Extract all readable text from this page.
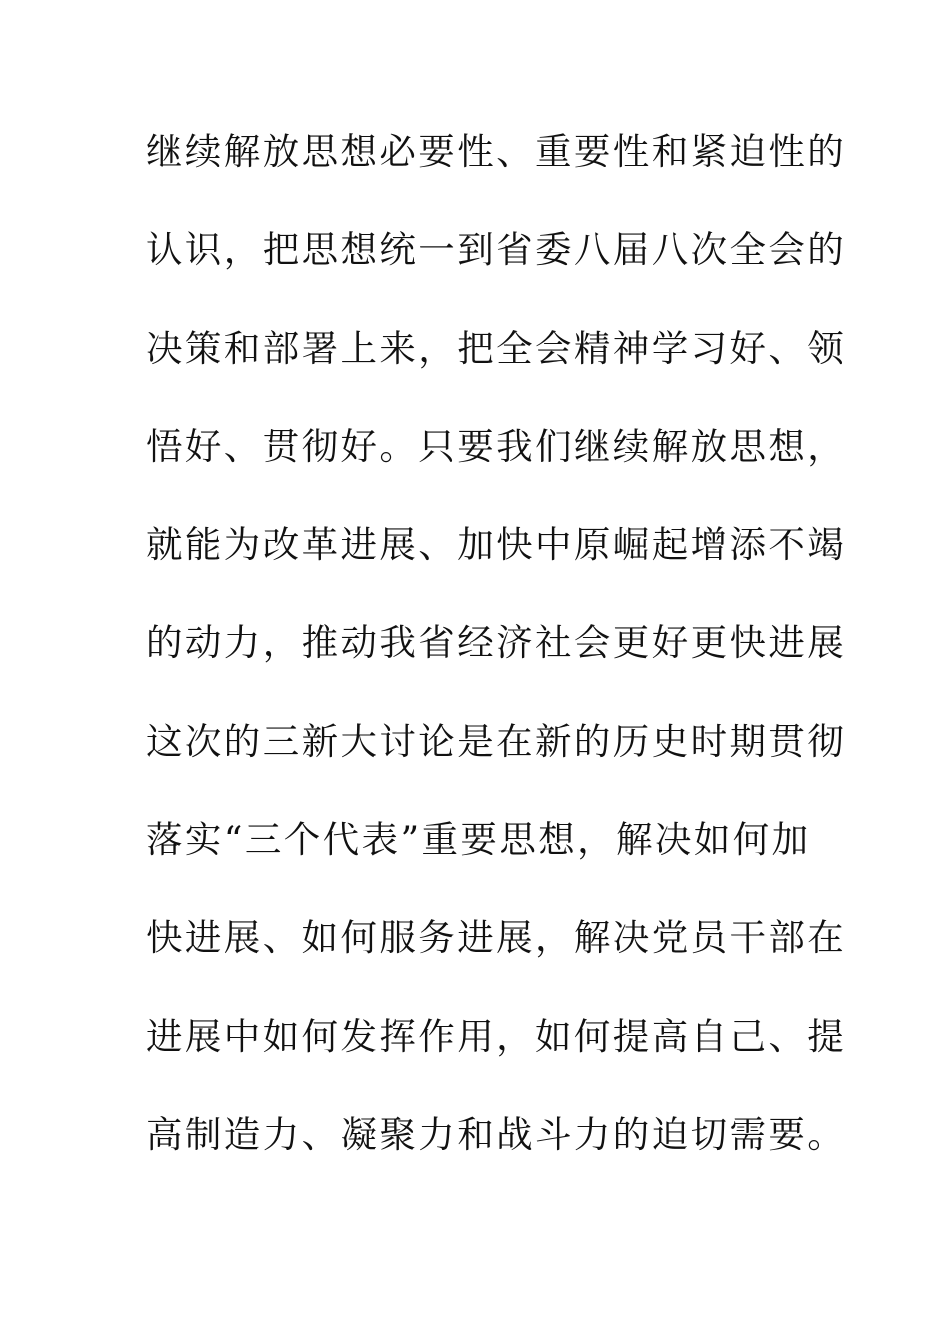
继续解放思想必要性、重要性和紧迫性的
认识，把思想统一到省委八届八次全会的
决策和部署上来，把全会精神学习好、领
悟好、贯彻好。只要我们继续解放思想，
就能为改革进展、加快中原崛起增添不竭
的动力，推动我省经济社会更好更快进展
这次的三新大讨论是在新的历史时期贯彻
落实“三个代表”重要思想，解决如何加
快进展、如何服务进展，解决党员干部在
进展中如何发挥作用，如何提高自己、提
高制造力、凝聚力和战斗力的迫切需要。
